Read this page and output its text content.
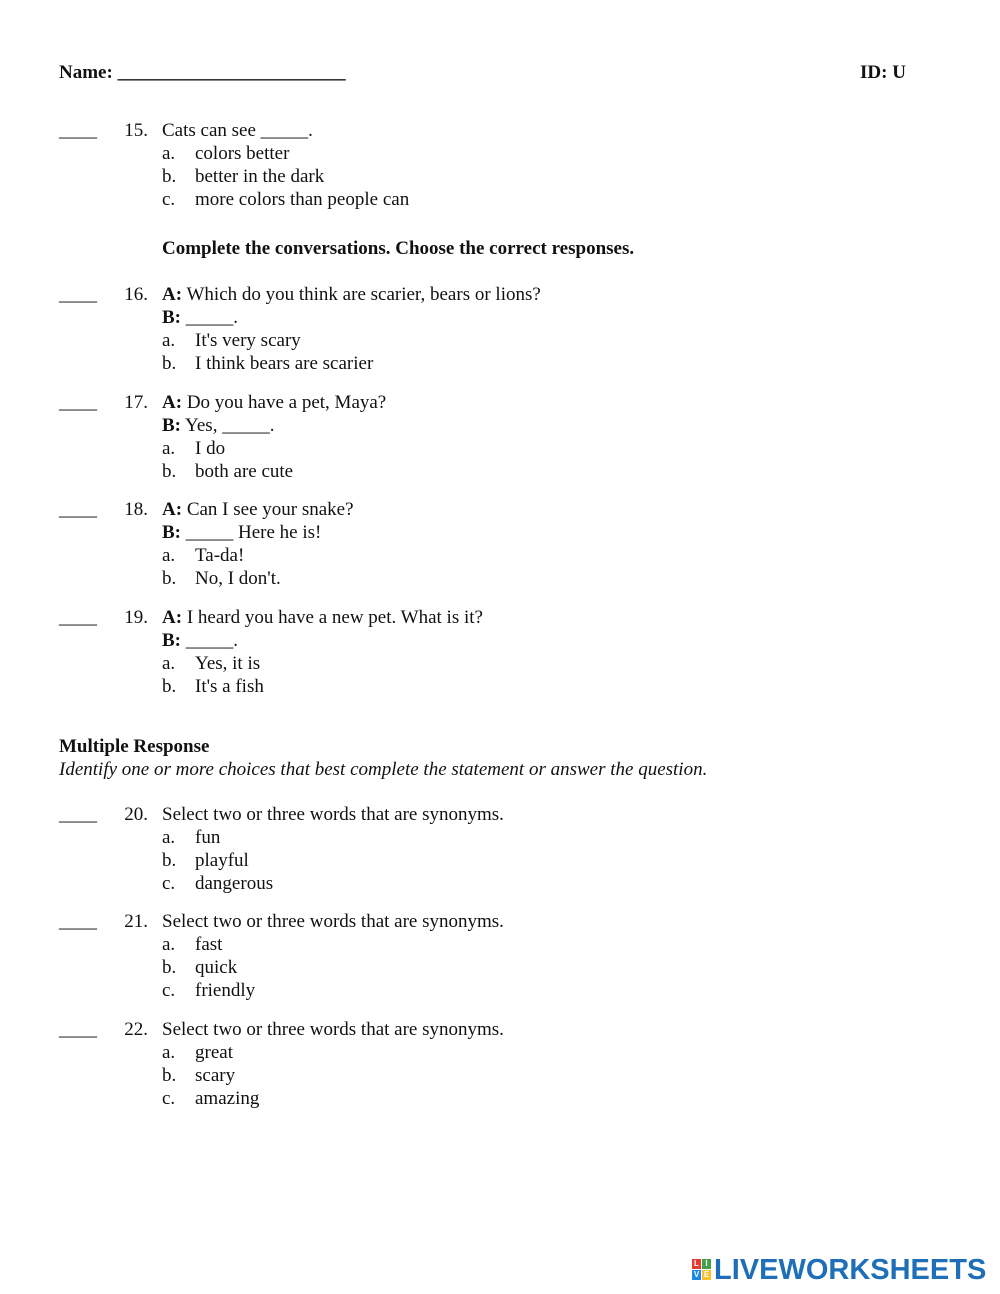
Name: ________________________	ID: U
____	15. Cats can see _____.
a. colors better
b. better in the dark
c. more colors than people can
Complete the conversations. Choose the correct responses.
____	16. A: Which do you think are scarier, bears or lions?
B: _____.
a. It's very scary
b. I think bears are scarier
____	17. A: Do you have a pet, Maya?
B: Yes, _____.
a. I do
b. both are cute
____	18. A: Can I see your snake?
B: _____ Here he is!
a. Ta-da!
b. No, I don't.
____	19. A: I heard you have a new pet. What is it?
B: _____.
a. Yes, it is
b. It's a fish
Multiple Response
Identify one or more choices that best complete the statement or answer the question.
____	20. Select two or three words that are synonyms.
a. fun
b. playful
c. dangerous
____	21. Select two or three words that are synonyms.
a. fast
b. quick
c. friendly
____	22. Select two or three words that are synonyms.
a. great
b. scary
c. amazing
L I
V E LIVEWORKSHEETS
